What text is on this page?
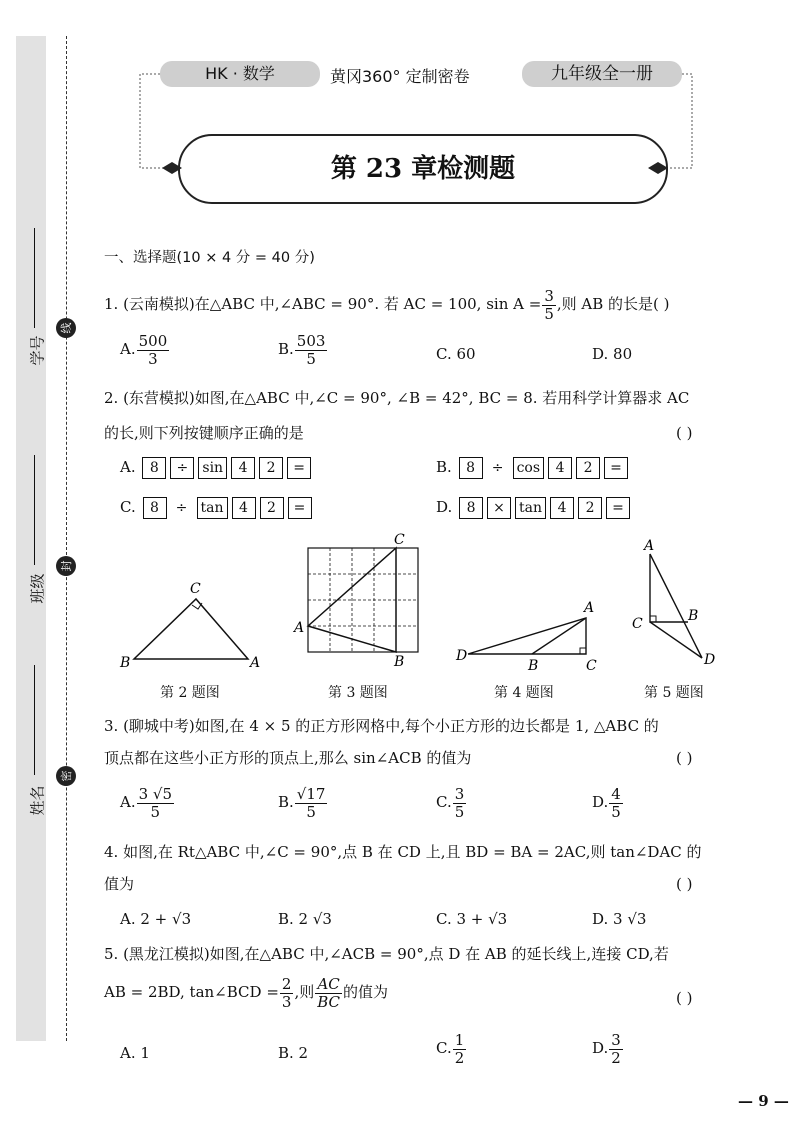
学号
班级
姓名
线
封
密
HK · 数学	黄冈360° 定制密卷	九年级全一册
第 23 章检测题
一、选择题(10 × 4 分 = 40 分)
1. (云南模拟)在△ABC 中,∠ABC = 90°. 若 AC = 100, $\sin A = \frac{3}{5}$ ,则 AB 的长是( )
A. $\frac{500}{3}$	B. $\frac{503}{5}$	C. 60	D. 80
2. (东营模拟)如图,在△ABC 中,∠C = 90°, ∠B = 42°, BC = 8. 若用科学计算器求 AC
的长,则下列按键顺序正确的是	( )
A. 8 ÷ sin 4 2 =	B. 8 ÷ cos 4 2 =
C. 8 ÷ tan 4 2 =	D. 8 × tan 4 2 =
C
B	A
第 2 题图
C
A
B
第 3 题图
A
D
B	C
第 4 题图
A
C	B
D
第 5 题图
3. (聊城中考)如图,在 4 × 5 的正方形网格中,每个小正方形的边长都是 1, △ABC 的
顶点都在这些小正方形的顶点上,那么 sin∠ACB 的值为	( )
A. $\frac{3 √5}{5}$	B. $\frac{√17}{5}$	C. $\frac{3}{5}$	D. $\frac{4}{5}$
4. 如图,在 Rt△ABC 中,∠C = 90°,点 B 在 CD 上,且 BD = BA = 2AC,则 tan∠DAC 的
值为	( )
A. 2 + √3	B. 2 √3	C. 3 + √3	D. 3 √3
5. (黑龙江模拟)如图,在△ABC 中,∠ACB = 90°,点 D 在 AB 的延长线上,连接 CD,若
AB = 2BD, tan∠BCD = $\frac{2}{3}$ ,则 $\frac{AC}{BC}$ 的值为	( )
A. 1	B. 2	C. $\frac{1}{2}$	D. $\frac{3}{2}$
— 9 —
